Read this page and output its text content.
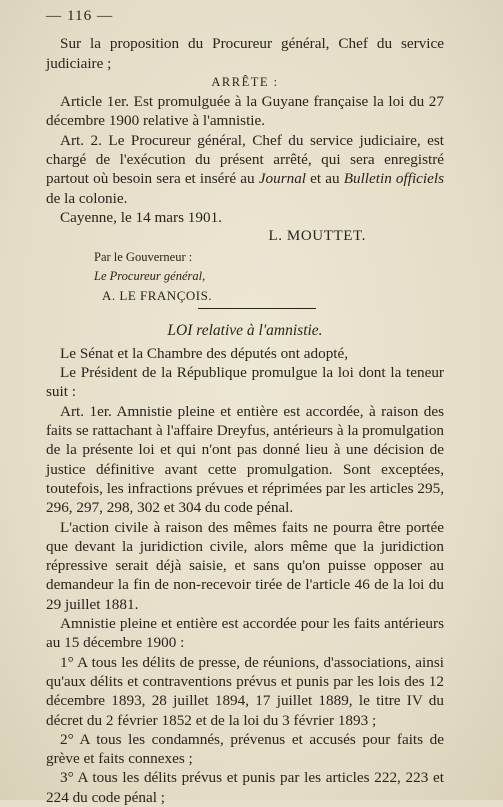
— 116 —

Sur la proposition du Procureur général, Chef du service judiciaire ;

ARRÊTE :

Article 1er. Est promulguée à la Guyane française la loi du 27 décembre 1900 relative à l'amnistie.

Art. 2. Le Procureur général, Chef du service judiciaire, est chargé de l'exécution du présent arrêté, qui sera enregistré partout où besoin sera et inséré au Journal et au Bulletin officiels de la colonie.

Cayenne, le 14 mars 1901.

L. MOUTTET.

Par le Gouverneur :

Le Procureur général,

A. LE FRANÇOIS.

LOI relative à l'amnistie.

Le Sénat et la Chambre des députés ont adopté,

Le Président de la République promulgue la loi dont la teneur suit :

Art. 1er. Amnistie pleine et entière est accordée, à raison des faits se rattachant à l'affaire Dreyfus, antérieurs à la promulgation de la présente loi et qui n'ont pas donné lieu à une décision de justice définitive avant cette promulgation. Sont exceptées, toutefois, les infractions prévues et réprimées par les articles 295, 296, 297, 298, 302 et 304 du code pénal.

L'action civile à raison des mêmes faits ne pourra être portée que devant la juridiction civile, alors même que la juridiction répressive serait déjà saisie, et sans qu'on puisse opposer au demandeur la fin de non-recevoir tirée de l'article 46 de la loi du 29 juillet 1881.

Amnistie pleine et entière est accordée pour les faits antérieurs au 15 décembre 1900 :

1° A tous les délits de presse, de réunions, d'associations, ainsi qu'aux délits et contraventions prévus et punis par les lois des 12 décembre 1893, 28 juillet 1894, 17 juillet 1889, le titre IV du décret du 2 février 1852 et de la loi du 3 février 1893 ;

2° A tous les condamnés, prévenus et accusés pour faits de grève et faits connexes ;

3° A tous les délits prévus et punis par les articles 222, 223 et 224 du code pénal ;
